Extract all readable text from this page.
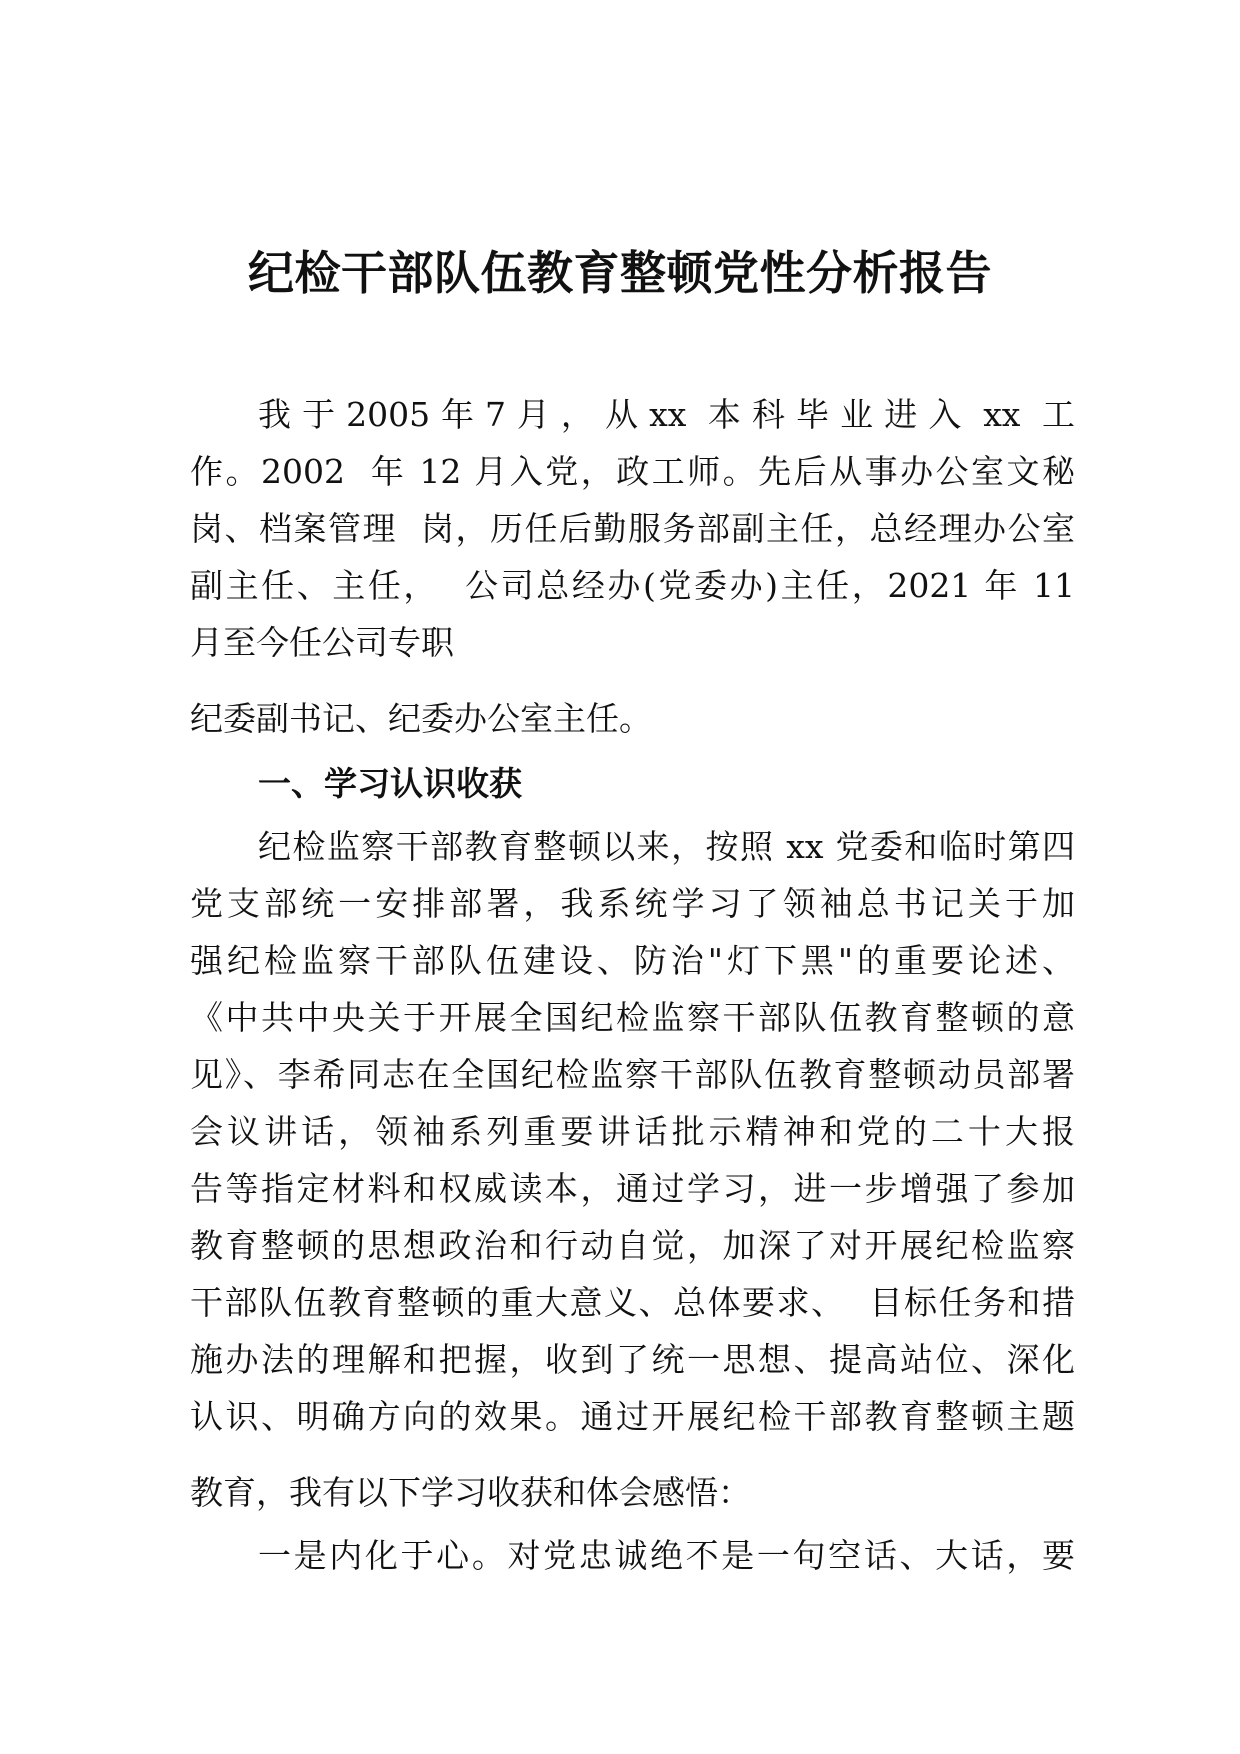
纪检干部队伍教育整顿党性分析报告

我 于 2005 年 7 月 ， 从 xx  本 科 毕 业 进 入  xx  工

作。2002  年 12 月入党，政工师。先后从事办公室文秘

岗、档案管理  岗，历任后勤服务部副主任，总经理办公室

副主任、主任，  公司总经办(党委办)主任，2021 年 11

月至今任公司专职

纪委副书记、纪委办公室主任。

一、学习认识收获

纪检监察干部教育整顿以来，按照 xx 党委和临时第四

党支部统一安排部署，我系统学习了领袖总书记关于加

强纪检监察干部队伍建设、防治"灯下黑"的重要论述、

《中共中央关于开展全国纪检监察干部队伍教育整顿的意

见》、李希同志在全国纪检监察干部队伍教育整顿动员部署

会议讲话，领袖系列重要讲话批示精神和党的二十大报

告等指定材料和权威读本，通过学习，进一步增强了参加

教育整顿的思想政治和行动自觉，加深了对开展纪检监察

干部队伍教育整顿的重大意义、总体要求、  目标任务和措

施办法的理解和把握，收到了统一思想、提高站位、深化

认识、明确方向的效果。通过开展纪检干部教育整顿主题

教育，我有以下学习收获和体会感悟：

一是内化于心。对党忠诚绝不是一句空话、大话，要
